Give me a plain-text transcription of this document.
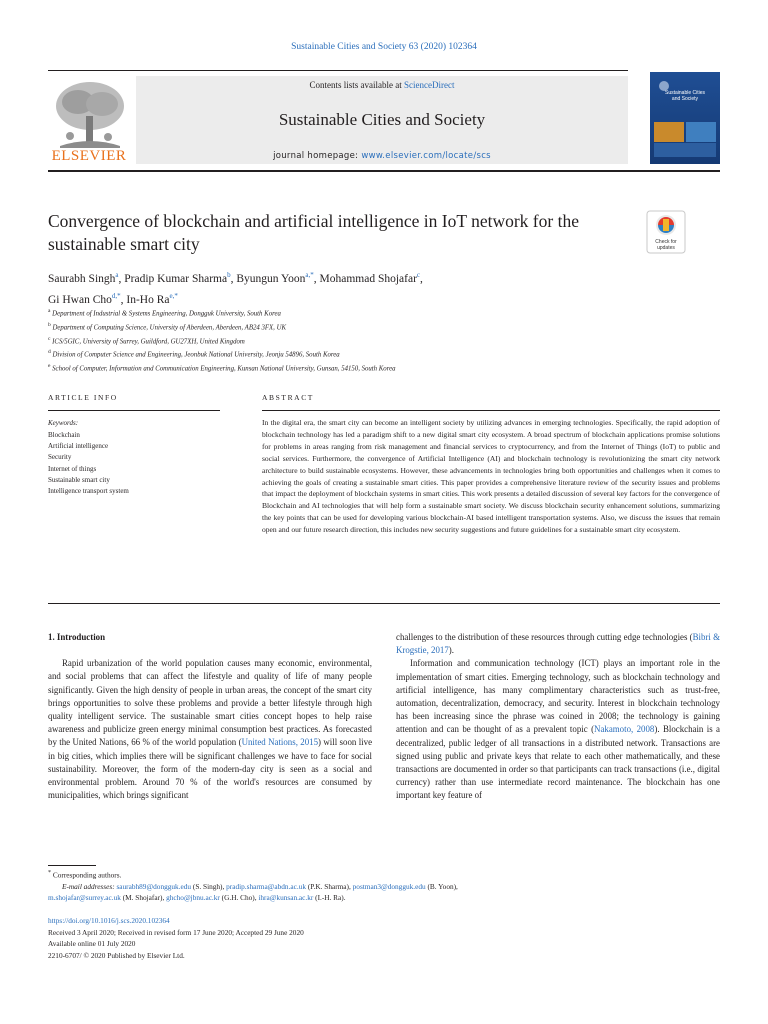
Sustainable Cities and Society 63 (2020) 102364
ELSEVIER
Contents lists available at ScienceDirect
Sustainable Cities and Society
journal homepage: www.elsevier.com/locate/scs
Sustainable Cities
and Society
Convergence of blockchain and artificial intelligence in IoT network for the sustainable smart city	Check for
updates
Saurabh Singh$^a$, Pradip Kumar Sharma$^b$, Byungun Yoon$^{a,*}$, Mohammad Shojafar$^c$,
Gi Hwan Cho$^{d,*}$, In-Ho $Ra^{e,*}$
$^a$ Department of Industrial & Systems Engineering, Dongguk University, South Korea
$^b$ Department of Computing Science, University of Aberdeen, Aberdeen, AB24 3FX, UK
$^c$ ICS/5GIC, University of Surrey, Guildford, GU27XH, United Kingdom
$^d$ Division of Computer Science and Engineering, Jeonbuk National University, Jeonju 54896, South Korea
$^e$ School of Computer, Information and Communication Engineering, Kunsan National University, Gunsan, 54150, South Korea
ARTICLE INFO
Keywords:
Blockchain
Artificial intelligence
Security
Internet of things
Sustainable smart city
Intelligence transport system
ABSTRACT
In the digital era, the smart city can become an intelligent society by utilizing advances in emerging technologies. Specifically, the rapid adoption of blockchain technology has led a paradigm shift to a new digital smart city ecosystem. A broad spectrum of blockchain applications promise solutions for problems in areas ranging from risk management and financial services to cryptocurrency, and from the Internet of Things (IoT) to public and social services. Furthermore, the convergence of Artificial Intelligence (AI) and blockchain technology is revolutionizing the smart city network architecture to build sustainable ecosystems. However, these advancements in technologies bring both opportunities and challenges when it comes to achieving the goals of creating a sustainable smart cities. This paper provides a comprehensive literature review of the security issues and problems that impact the deployment of blockchain systems in smart cities. This work presents a detailed discussion of several key factors for the convergence of Blockchain and AI technologies that will help form a sustainable smart society. We discuss blockchain security enhancement solutions, summarizing the key points that can be used for developing various blockchain-AI based intelligent transportation systems. Also, we discuss the issues that remain open and our future research direction, this includes new security suggestions and future guidelines for a sustainable smart city ecosystem.
1. Introduction

Rapid urbanization of the world population causes many economic, environmental, and social problems that can affect the lifestyle and quality of life of many people significantly. Given the high density of people in urban areas, the concept of the smart city brings opportunities to solve these problems and provide a better lifestyle through high quality intelligent service. The sustainable smart cities concept hopes to help raise awareness and publicize green energy minimal consumption best practices. As forecasted by the United Nations, 66 % of the world population (United Nations, 2015) will soon live in big cities, which implies there will be significant challenges we have to face for social sustainability. Moreover, the form of the modern-day city is seen as a social and environmental problem. Around 70 % of the world's resources are consumed by municipalities, which brings significant

challenges to the distribution of these resources through cutting edge technologies (Bibri & Krogstie, 2017).

Information and communication technology (ICT) plays an important role in the implementation of smart cities. Emerging technology, such as blockchain technology and artificial intelligence, has many complimentary characteristics such as trust-free, automation, decentralization, democracy, and security. Interest in blockchain technology has been increasing since the phrase was coined in 2008; the technology is gaining attention and can be thought of as a prevalent topic (Nakamoto, 2008). Blockchain is a decentralized, public ledger of all transactions in a distributed network. Transactions are signed using public and private keys that relate to each other mathematically, and these transactions are documented in order so that participants can track transactions (i.e., digital currency) rather than use intermediate record maintenance. The blockchain has one important key feature of

* Corresponding authors.
E-mail addresses: saurabh89@dongguk.edu (S. Singh), pradip.sharma@abdn.ac.uk (P.K. Sharma), postman3@dongguk.edu (B. Yoon),
m.shojafar@surrey.ac.uk (M. Shojafar), ghcho@jbnu.ac.kr (G.H. Cho), ihra@kunsan.ac.kr (I.-H. Ra).
https://doi.org/10.1016/j.scs.2020.102364
Received 3 April 2020; Received in revised form 17 June 2020; Accepted 29 June 2020
Available online 01 July 2020
2210-6707/ © 2020 Published by Elsevier Ltd.
